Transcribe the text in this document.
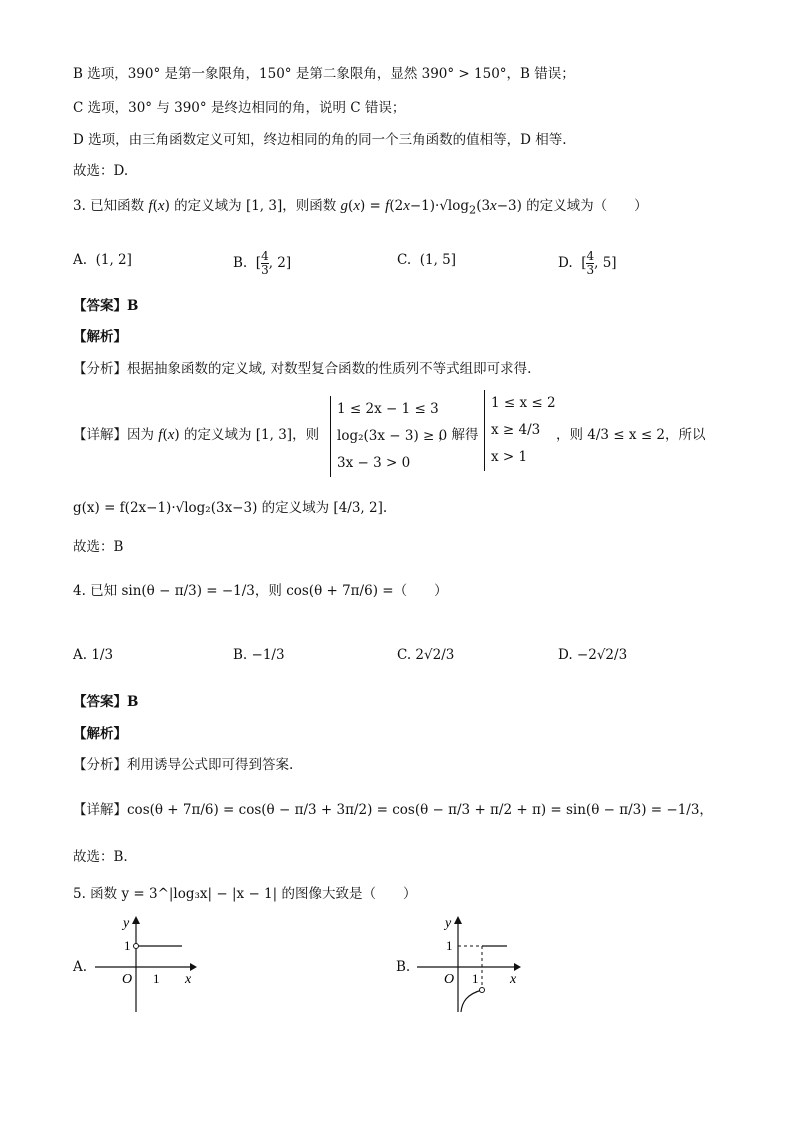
B 选项，390° 是第一象限角，150° 是第二象限角，显然 390° > 150°，B 错误；
C 选项，30° 与 390° 是终边相同的角，说明 C 错误；
D 选项，由三角函数定义可知，终边相同的角的同一个三角函数的值相等，D 相等.
故选：D.
3. 已知函数 f(x) 的定义域为 [1, 3]，则函数 $g(x) = f(2x-1)\cdot√\log_2(3x-3)$ 的定义域为（　　）
A.  (1, 2]	B.  [ $\frac{4}{3}$ , 2]	C.  (1, 5]	D.  [ $\frac{4}{3}$ , 5]
【答案】B
【解析】
【分析】根据抽象函数的定义域, 对数型复合函数的性质列不等式组即可求得.
【详解】因为 f(x) 的定义域为 [1, 3]，则
1 ≤ 2x − 1 ≤ 3
log₂(3x − 3) ≥ 0
3x − 3 > 0
，解得
1 ≤ x ≤ 2
x ≥ 4/3
x > 1
，则 4/3 ≤ x ≤ 2，所以
g(x) = f(2x−1)·√log₂(3x−3) 的定义域为 [4/3, 2].
故选：B
4. 已知 sin(θ − π/3) = −1/3，则 cos(θ + 7π/6) =（　　）
A. 1/3	B. −1/3	C. 2√2/3	D. −2√2/3
【答案】B
【解析】
【分析】利用诱导公式即可得到答案.
【详解】cos(θ + 7π/6) = cos(θ − π/3 + 3π/2) = cos(θ − π/3 + π/2 + π) = sin(θ − π/3) = −1/3，
故选：B.
5. 函数 y = 3^|log₃x| − |x − 1| 的图像大致是（　　）
A.
y
1
O 1 x
B.
y
1
O 1 x
